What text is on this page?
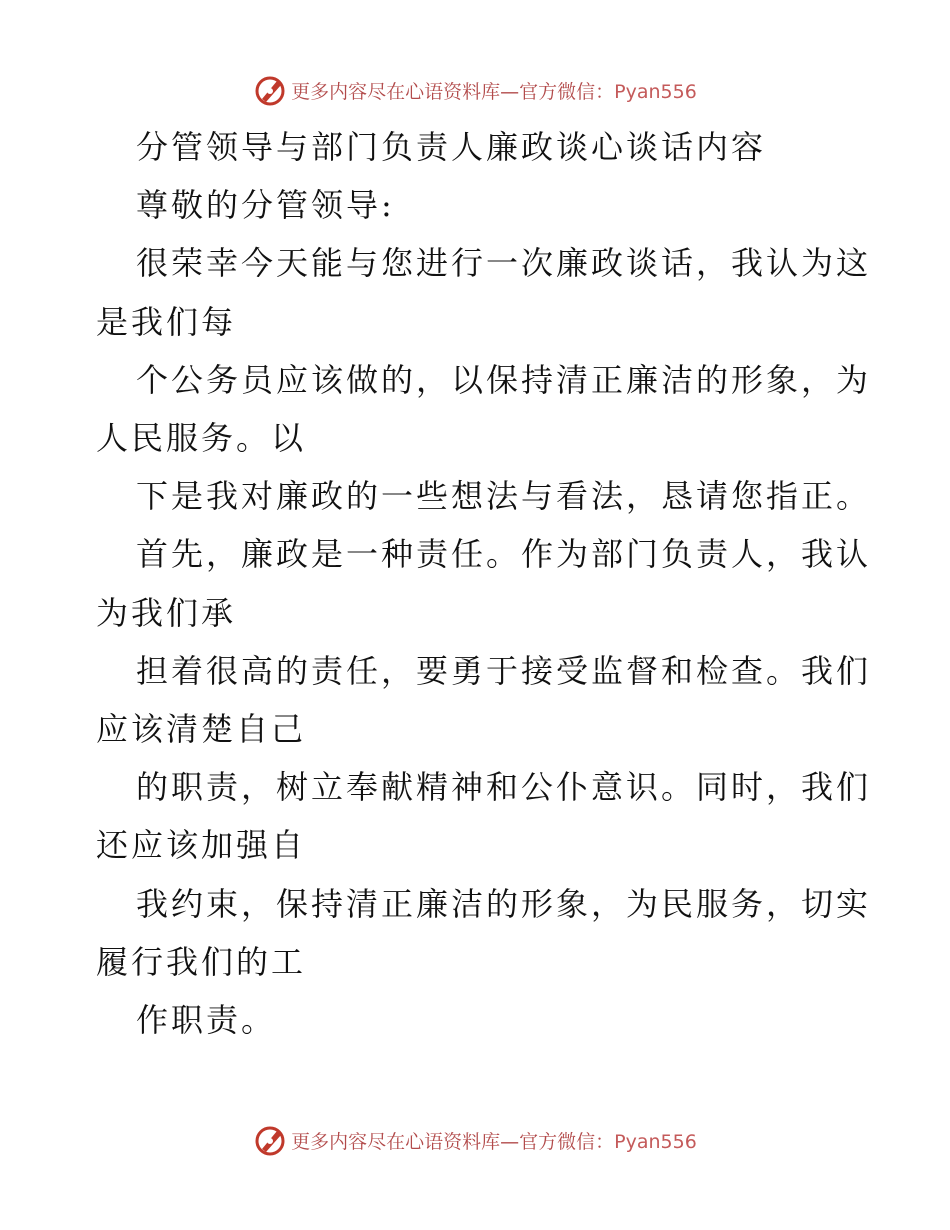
更多内容尽在心语资料库—官方微信：Pyan556

分管领导与部门负责人廉政谈心谈话内容

尊敬的分管领导:

很荣幸今天能与您进行一次廉政谈话，我认为这

是我们每

个公务员应该做的，以保持清正廉洁的形象，为

人民服务。以

下是我对廉政的一些想法与看法，恳请您指正。

首先，廉政是一种责任。作为部门负责人，我认

为我们承

担着很高的责任，要勇于接受监督和检查。我们

应该清楚自己

的职责，树立奉献精神和公仆意识。同时，我们

还应该加强自

我约束，保持清正廉洁的形象，为民服务，切实

履行我们的工

作职责。

更多内容尽在心语资料库—官方微信：Pyan556
